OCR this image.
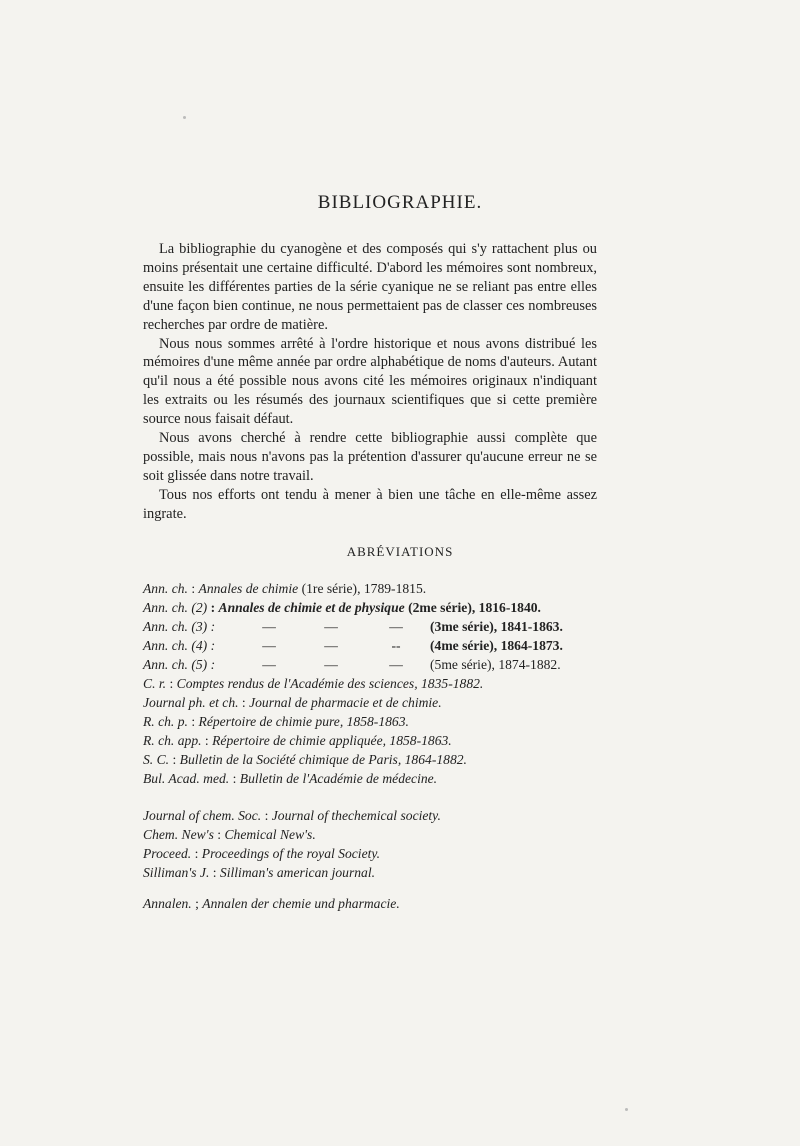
BIBLIOGRAPHIE.

La bibliographie du cyanogène et des composés qui s'y rattachent plus ou moins présentait une certaine difficulté. D'abord les mémoires sont nombreux, ensuite les différentes parties de la série cyanique ne se reliant pas entre elles d'une façon bien continue, ne nous permettaient pas de classer ces nombreuses recherches par ordre de matière.

Nous nous sommes arrêté à l'ordre historique et nous avons distribué les mémoires d'une même année par ordre alphabétique de noms d'auteurs. Autant qu'il nous a été possible nous avons cité les mémoires originaux n'indiquant les extraits ou les résumés des journaux scientifiques que si cette première source nous faisait défaut.

Nous avons cherché à rendre cette bibliographie aussi complète que possible, mais nous n'avons pas la prétention d'assurer qu'aucune erreur ne se soit glissée dans notre travail.

Tous nos efforts ont tendu à mener à bien une tâche en elle-même assez ingrate.

ABRÉVIATIONS
Ann. ch. : Annales de chimie (1re série), 1789-1815.
Ann. ch. (2) : Annales de chimie et de physique (2me série), 1816-1840.
Ann. ch. (3) :	—	—	—	(3me série), 1841-1863.
Ann. ch. (4) :	—	—	--	(4me série), 1864-1873.
Ann. ch. (5) :	—	—	—	(5me série), 1874-1882.
C. r. : Comptes rendus de l'Académie des sciences, 1835-1882.
Journal ph. et ch. : Journal de pharmacie et de chimie.
R. ch. p. : Répertoire de chimie pure, 1858-1863.
R. ch. app. : Répertoire de chimie appliquée, 1858-1863.
S. C. : Bulletin de la Société chimique de Paris, 1864-1882.
Bul. Acad. med. : Bulletin de l'Académie de médecine.
Journal of chem. Soc. : Journal of thechemical society.
Chem. New's : Chemical New's.
Proceed. : Proceedings of the royal Society.
Silliman's J. : Silliman's american journal.
Annalen. ; Annalen der chemie und pharmacie.
